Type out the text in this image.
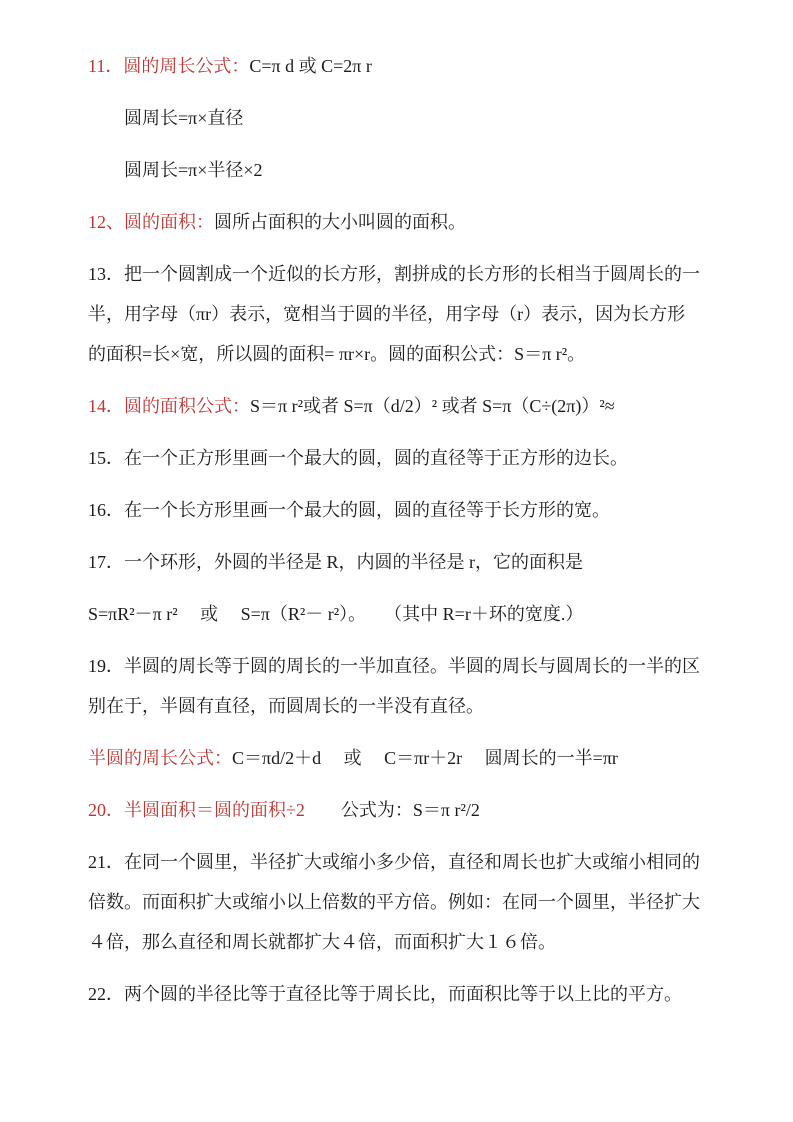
11．圆的周长公式：C=π d 或 C=2π r
圆周长=π×直径
圆周长=π×半径×2
12、圆的面积：圆所占面积的大小叫圆的面积。
13．把一个圆割成一个近似的长方形，割拼成的长方形的长相当于圆周长的一
半，用字母（πr）表示，宽相当于圆的半径，用字母（r）表示，因为长方形
的面积=长×宽，所以圆的面积= πr×r。圆的面积公式：S＝π r²。
14．圆的面积公式：S＝π r²或者 S=π（d/2）² 或者 S=π（C÷(2π)）²≈
15．在一个正方形里画一个最大的圆，圆的直径等于正方形的边长。
16．在一个长方形里画一个最大的圆，圆的直径等于长方形的宽。
17．一个环形，外圆的半径是 R，内圆的半径是 r，它的面积是
S=πR²－π r²　 或　 S=π（R²－ r²）。　　（其中 R=r＋环的宽度.）
19．半圆的周长等于圆的周长的一半加直径。半圆的周长与圆周长的一半的区
别在于，半圆有直径，而圆周长的一半没有直径。
半圆的周长公式：C＝πd/2＋d　 或　 C＝πr＋2r　 圆周长的一半=πr
20．半圆面积＝圆的面积÷2　　公式为：S＝π r²/2
21．在同一个圆里，半径扩大或缩小多少倍，直径和周长也扩大或缩小相同的
倍数。而面积扩大或缩小以上倍数的平方倍。例如：在同一个圆里，半径扩大
４倍，那么直径和周长就都扩大４倍，而面积扩大１６倍。
22．两个圆的半径比等于直径比等于周长比，而面积比等于以上比的平方。
